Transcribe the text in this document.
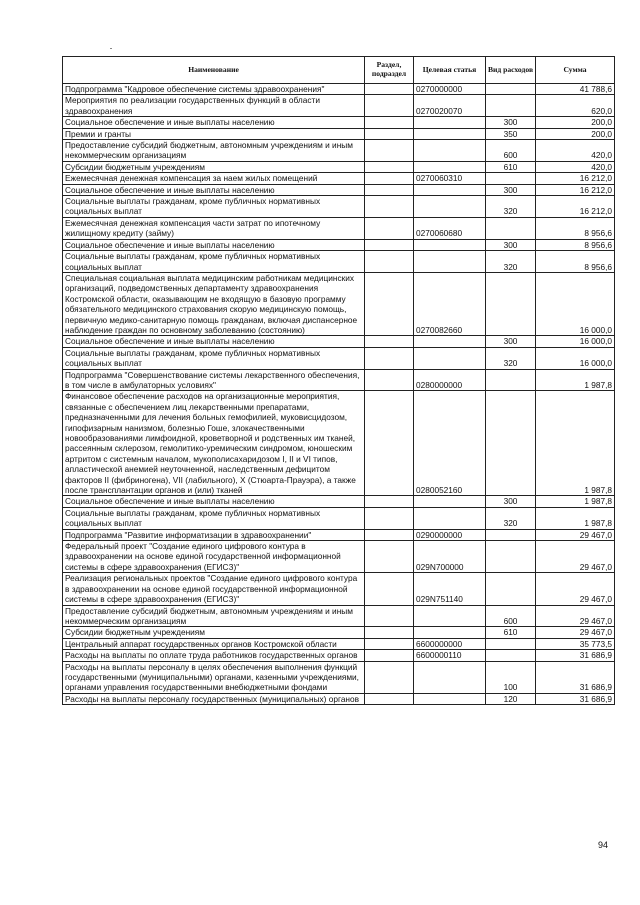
Наименование	Раздел, подраздел	Целевая статья	Вид расходов	Сумма
Подпрограмма "Кадровое обеспечение системы здравоохранения"		0270000000		41 788,6
Мероприятия по реализации государственных функций в области здравоохранения		0270020070		620,0
Социальное обеспечение и иные выплаты населению			300	200,0
Премии и гранты			350	200,0
Предоставление субсидий бюджетным, автономным учреждениям и иным некоммерческим организациям			600	420,0
Субсидии бюджетным учреждениям			610	420,0
Ежемесячная денежная компенсация за наем жилых помещений		0270060310		16 212,0
Социальное обеспечение и иные выплаты населению			300	16 212,0
Социальные выплаты гражданам, кроме публичных нормативных социальных выплат			320	16 212,0
Ежемесячная денежная компенсация части затрат по ипотечному жилищному кредиту (займу)		0270060680		8 956,6
Социальное обеспечение и иные выплаты населению			300	8 956,6
Социальные выплаты гражданам, кроме публичных нормативных социальных выплат			320	8 956,6
Специальная социальная выплата медицинским работникам медицинских организаций, подведомственных департаменту здравоохранения Костромской области, оказывающим не входящую в базовую программу обязательного медицинского страхования скорую медицинскую помощь, первичную медико-санитарную помощь гражданам, включая диспансерное наблюдение граждан по основному заболеванию (состоянию)		0270082660		16 000,0
Социальное обеспечение и иные выплаты населению			300	16 000,0
Социальные выплаты гражданам, кроме публичных нормативных социальных выплат			320	16 000,0
Подпрограмма "Совершенствование системы лекарственного обеспечения, в том числе в амбулаторных условиях"		0280000000		1 987,8
Финансовое обеспечение расходов на организационные мероприятия, связанные с обеспечением лиц лекарственными препаратами, предназначенными для лечения больных гемофилией, муковисцидозом, гипофизарным нанизмом, болезнью Гоше, злокачественными новообразованиями лимфоидной, кроветворной и родственных им тканей, рассеянным склерозом, гемолитико-уремическим синдромом, юношеским артритом с системным началом, мукополисахаридозом I, II и VI типов, апластической анемией неуточненной, наследственным дефицитом факторов II (фибриногена), VII (лабильного), X (Стюарта-Прауэра), а также после трансплантации органов и (или) тканей		0280052160		1 987,8
Социальное обеспечение и иные выплаты населению			300	1 987,8
Социальные выплаты гражданам, кроме публичных нормативных социальных выплат			320	1 987,8
Подпрограмма "Развитие информатизации в здравоохранении"		0290000000		29 467,0
Федеральный проект "Создание единого цифрового контура в здравоохранении на основе единой государственной информационной системы в сфере здравоохранения (ЕГИСЗ)"		029N700000		29 467,0
Реализация региональных проектов "Создание единого цифрового контура в здравоохранении на основе единой государственной информационной системы в сфере здравоохранения (ЕГИСЗ)"		029N751140		29 467,0
Предоставление субсидий бюджетным, автономным учреждениям и иным некоммерческим организациям			600	29 467,0
Субсидии бюджетным учреждениям			610	29 467,0
Центральный аппарат государственных органов Костромской области		6600000000		35 773,5
Расходы на выплаты по оплате труда работников государственных органов		6600000110		31 686,9
Расходы на выплаты персоналу в целях обеспечения выполнения функций государственными (муниципальными) органами, казенными учреждениями, органами управления государственными внебюджетными фондами			100	31 686,9
Расходы на выплаты персоналу государственных (муниципальных) органов			120	31 686,9
94
